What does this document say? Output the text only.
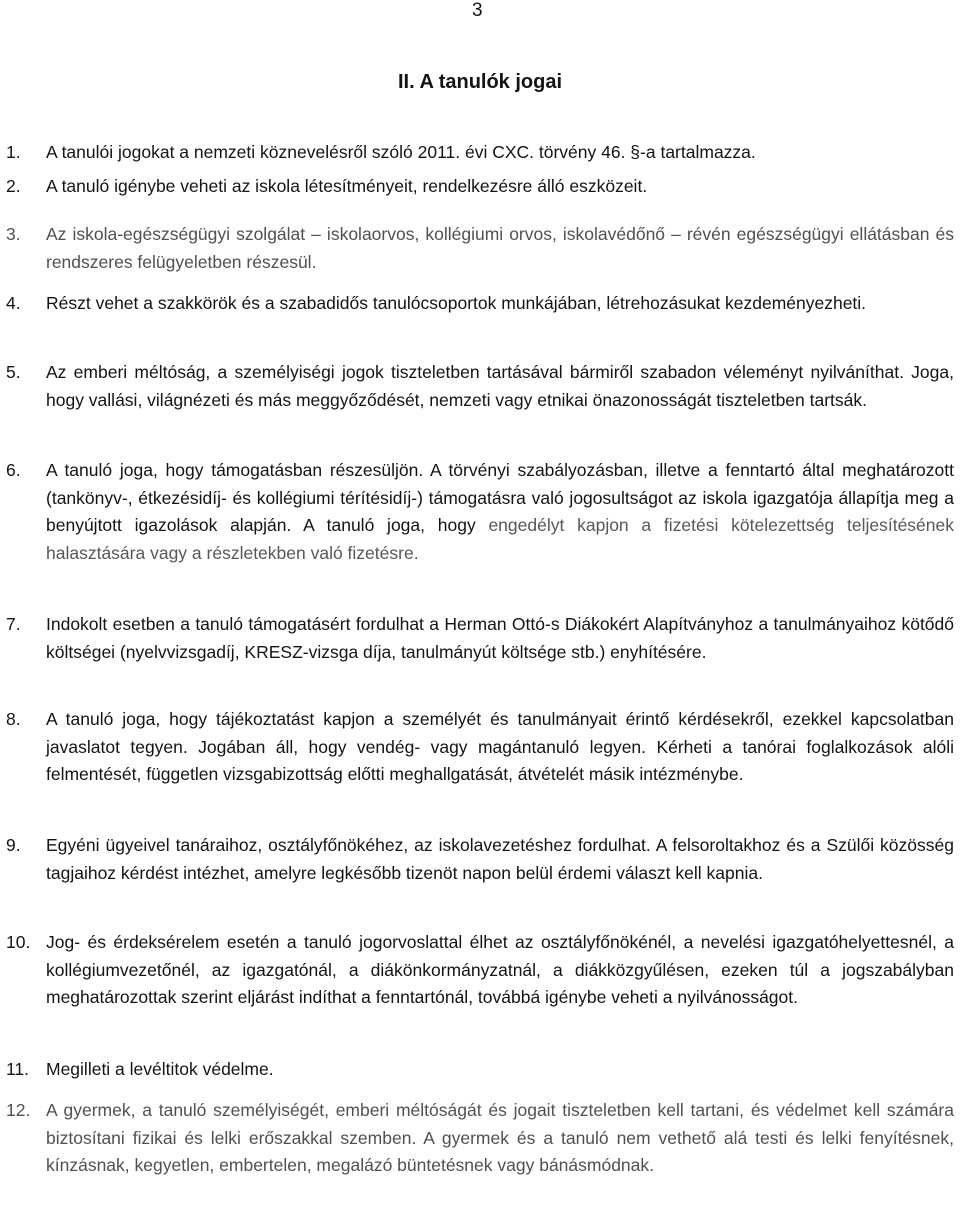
3
II. A tanulók jogai
1. A tanulói jogokat a nemzeti köznevelésről szóló 2011. évi CXC. törvény 46. §-a tartalmazza.
2. A tanuló igénybe veheti az iskola létesítményeit, rendelkezésre álló eszközeit.
3. Az iskola-egészségügyi szolgálat – iskolaorvos, kollégiumi orvos, iskolavédőnő – révén egészségügyi ellátásban és rendszeres felügyeletben részesül.
4. Részt vehet a szakkörök és a szabadidős tanulócsoportok munkájában, létrehozásukat kezdeményezheti.
5. Az emberi méltóság, a személyiségi jogok tiszteletben tartásával bármiről szabadon véleményt nyilváníthat. Joga, hogy vallási, világnézeti és más meggyőződését, nemzeti vagy etnikai önazonosságát tiszteletben tartsák.
6. A tanuló joga, hogy támogatásban részesüljön. A törvényi szabályozásban, illetve a fenntartó által meghatározott (tankönyv-, étkezésidíj- és kollégiumi térítésidíj-) támogatásra való jogosultságot az iskola igazgatója állapítja meg a benyújtott igazolások alapján. A tanuló joga, hogy engedélyt kapjon a fizetési kötelezettség teljesítésének halasztására vagy a részletekben való fizetésre.
7. Indokolt esetben a tanuló támogatásért fordulhat a Herman Ottó-s Diákokért Alapítványhoz a tanulmányaihoz kötődő költségei (nyelvvizsgadíj, KRESZ-vizsga díja, tanulmányút költsége stb.) enyhítésére.
8. A tanuló joga, hogy tájékoztatást kapjon a személyét és tanulmányait érintő kérdésekről, ezekkel kapcsolatban javaslatot tegyen. Jogában áll, hogy vendég- vagy magántanuló legyen. Kérheti a tanórai foglalkozások alóli felmentését, független vizsgabizottság előtti meghallgatását, átvételét másik intézménybe.
9. Egyéni ügyeivel tanáraihoz, osztályfőnökéhez, az iskolavezetéshez fordulhat. A felsoroltakhoz és a Szülői közösség tagjaihoz kérdést intézhet, amelyre legkésőbb tizenöt napon belül érdemi választ kell kapnia.
10. Jog- és érdeksérelem esetén a tanuló jogorvoslattal élhet az osztályfőnökénél, a nevelési igazgatóhelyettesnél, a kollégiumvezetőnél, az igazgatónál, a diákönkormányzatnál, a diákközgyűlésen, ezeken túl a jogszabályban meghatározottak szerint eljárást indíthat a fenntartónál, továbbá igénybe veheti a nyilvánosságot.
11. Megilleti a levéltitok védelme.
12. A gyermek, a tanuló személyiségét, emberi méltóságát és jogait tiszteletben kell tartani, és védelmet kell számára biztosítani fizikai és lelki erőszakkal szemben. A gyermek és a tanuló nem vethető alá testi és lelki fenyítésnek, kínzásnak, kegyetlen, embertelen, megalázó büntetésnek vagy bánásmódnak.
